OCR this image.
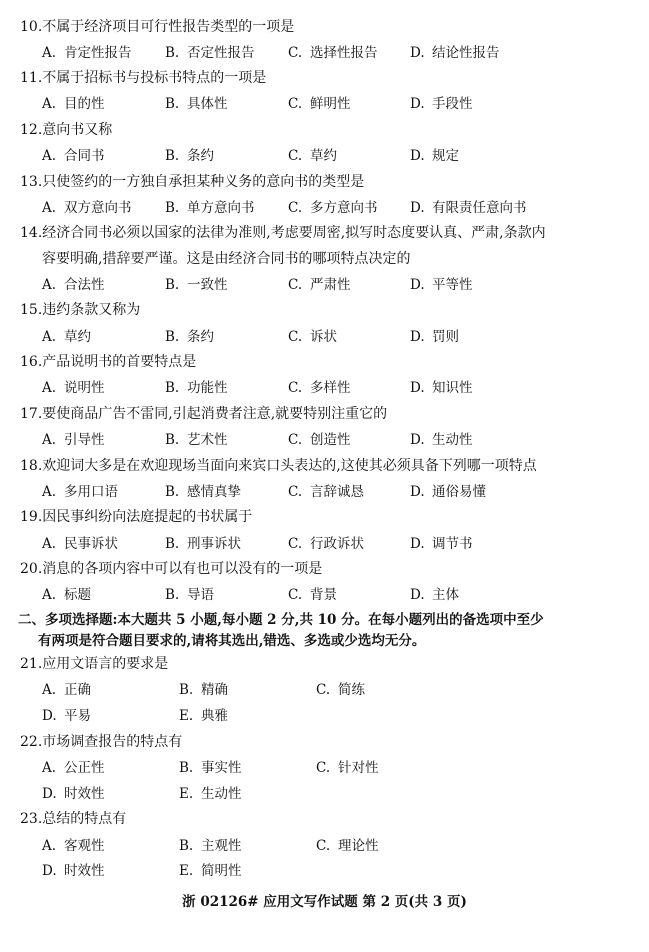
10.不属于经济项目可行性报告类型的一项是
A. 肯定性报告 B. 否定性报告 C. 选择性报告 D. 结论性报告
11.不属于招标书与投标书特点的一项是
A. 目的性	B. 具体性	C. 鲜明性	D. 手段性
12.意向书又称
A. 合同书	B. 条约	C. 草约	D. 规定
13.只使签约的一方独自承担某种义务的意向书的类型是
A. 双方意向书 B. 单方意向书 C. 多方意向书 D. 有限责任意向书
14.经济合同书必须以国家的法律为准则,考虑要周密,拟写时态度要认真、严肃,条款内
容要明确,措辞要严谨。这是由经济合同书的哪项特点决定的
A. 合法性	B. 一致性	C. 严肃性	D. 平等性
15.违约条款又称为
A. 草约	B. 条约	C. 诉状	D. 罚则
16.产品说明书的首要特点是
A. 说明性	B. 功能性	C. 多样性	D. 知识性
17.要使商品广告不雷同,引起消费者注意,就要特别注重它的
A. 引导性	B. 艺术性	C. 创造性	D. 生动性
18.欢迎词大多是在欢迎现场当面向来宾口头表达的,这使其必须具备下列哪一项特点
A. 多用口语	B. 感情真挚	C. 言辞诚恳	D. 通俗易懂
19.因民事纠纷向法庭提起的书状属于
A. 民事诉状	B. 刑事诉状	C. 行政诉状	D. 调节书
20.消息的各项内容中可以有也可以没有的一项是
A. 标题	B. 导语	C. 背景	D. 主体
二、多项选择题:本大题共 5 小题,每小题 2 分,共 10 分。在每小题列出的备选项中至少
有两项是符合题目要求的,请将其选出,错选、多选或少选均无分。
21.应用文语言的要求是
A. 正确	B. 精确	C. 简练
D. 平易	E. 典雅
22.市场调查报告的特点有
A. 公正性	B. 事实性	C. 针对性
D. 时效性	E. 生动性
23.总结的特点有
A. 客观性	B. 主观性	C. 理论性
D. 时效性	E. 简明性
浙 02126# 应用文写作试题 第 2 页(共 3 页)
